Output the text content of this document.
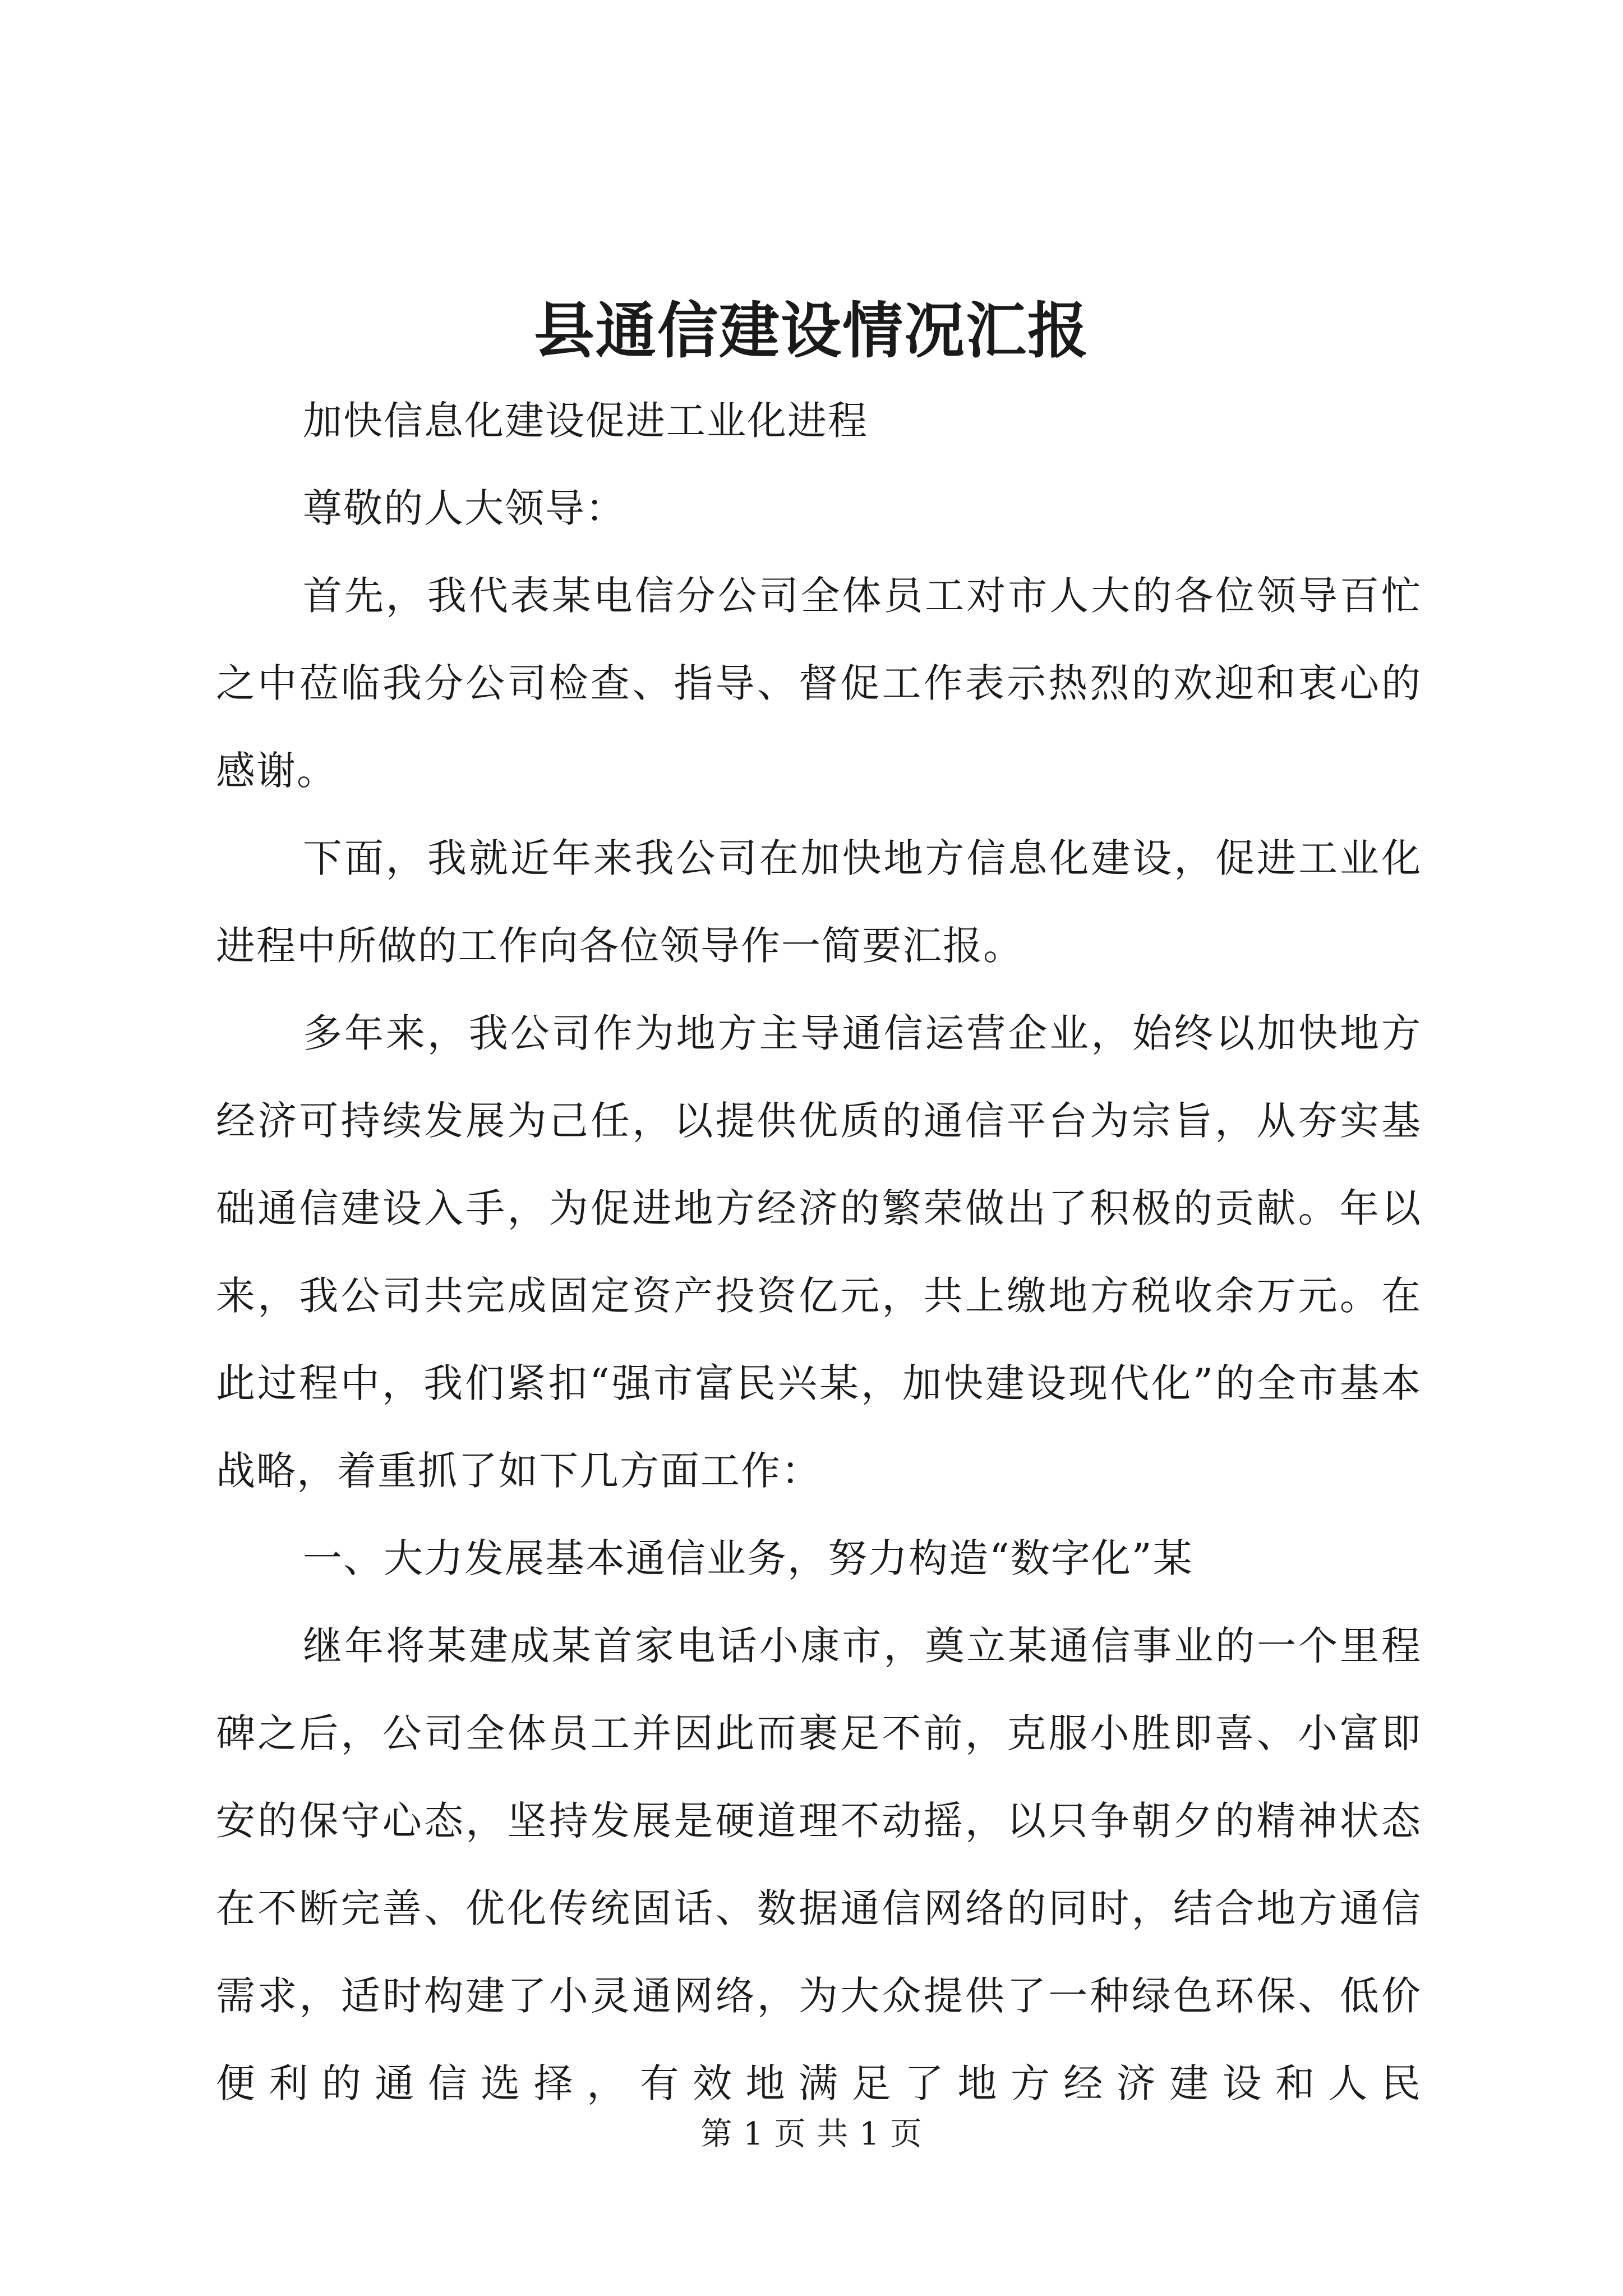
县通信建设情况汇报

加快信息化建设促进工业化进程

尊敬的人大领导：

首先，我代表某电信分公司全体员工对市人大的各位领导百忙之中莅临我分公司检查、指导、督促工作表示热烈的欢迎和衷心的感谢。

下面，我就近年来我公司在加快地方信息化建设，促进工业化进程中所做的工作向各位领导作一简要汇报。

多年来，我公司作为地方主导通信运营企业，始终以加快地方经济可持续发展为己任，以提供优质的通信平台为宗旨，从夯实基础通信建设入手，为促进地方经济的繁荣做出了积极的贡献。年以来，我公司共完成固定资产投资亿元，共上缴地方税收余万元。在此过程中，我们紧扣“强市富民兴某，加快建设现代化”的全市基本战略，着重抓了如下几方面工作：

一、大力发展基本通信业务，努力构造“数字化”某

继年将某建成某首家电话小康市，奠立某通信事业的一个里程碑之后，公司全体员工并因此而裹足不前，克服小胜即喜、小富即安的保守心态，坚持发展是硬道理不动摇，以只争朝夕的精神状态在不断完善、优化传统固话、数据通信网络的同时，结合地方通信需求，适时构建了小灵通网络，为大众提供了一种绿色环保、低价便利的通信选择，有效地满足了地方经济建设和人民

第 1 页 共 1 页
